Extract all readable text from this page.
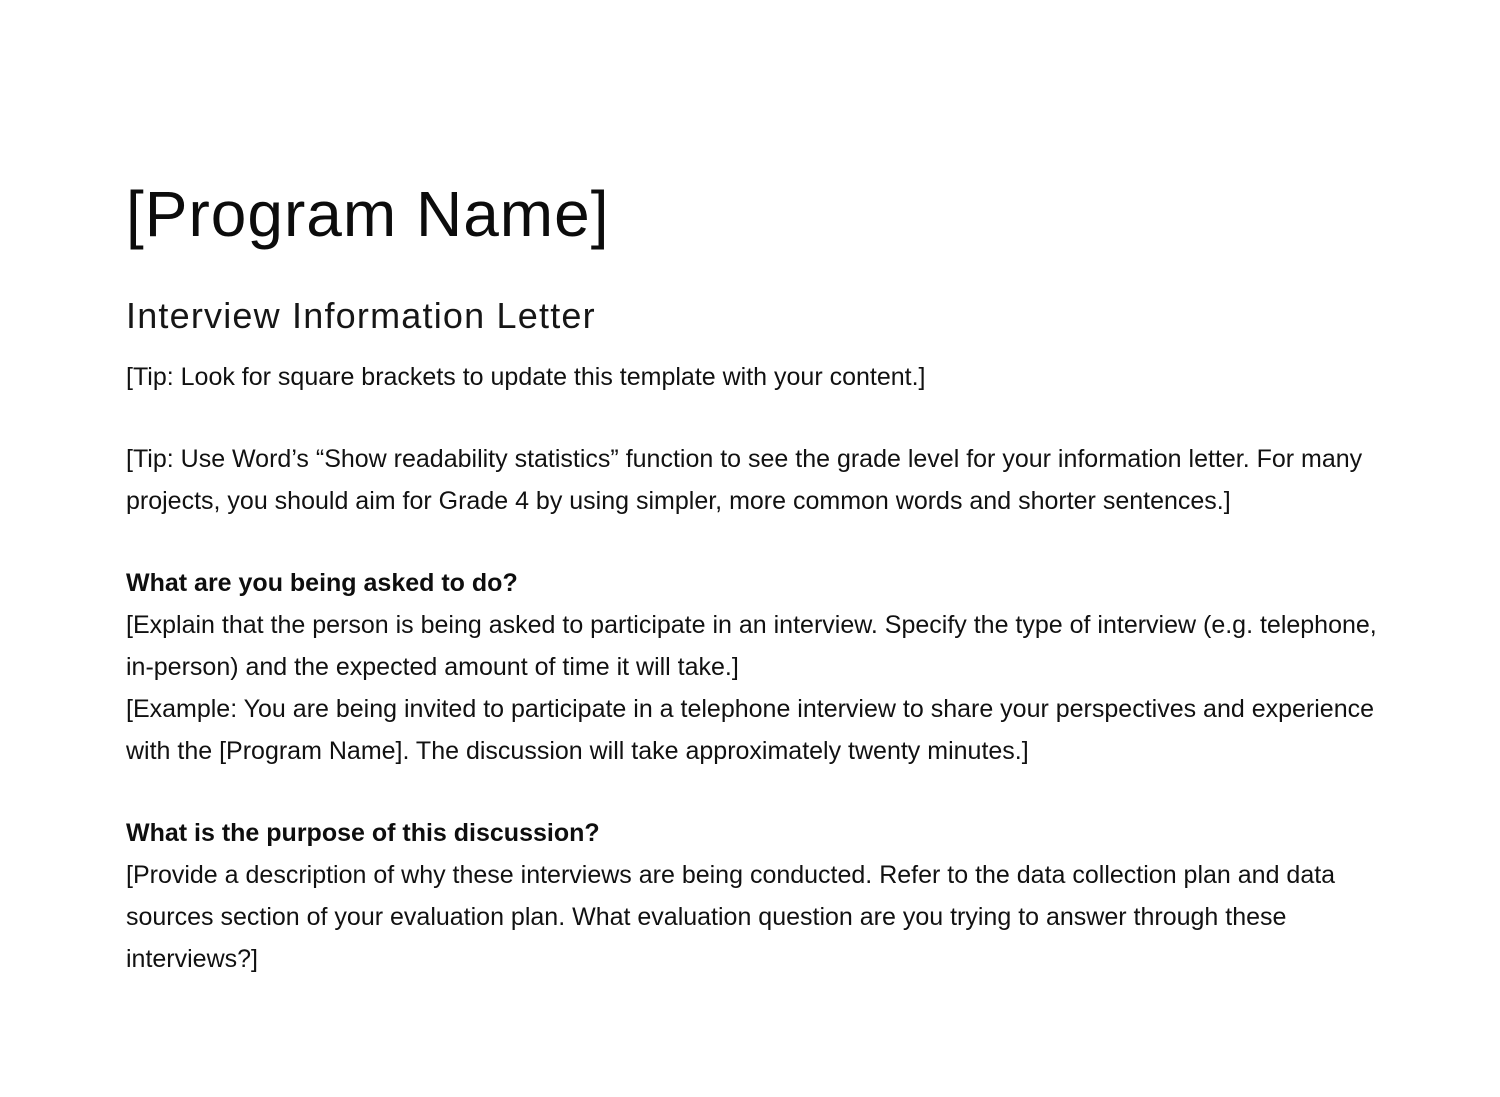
[Program Name]
Interview Information Letter

[Tip: Look for square brackets to update this template with your content.]

[Tip: Use Word’s “Show readability statistics” function to see the grade level for your information letter. For many projects, you should aim for Grade 4 by using simpler, more common words and shorter sentences.]

What are you being asked to do?

[Explain that the person is being asked to participate in an interview. Specify the type of interview (e.g. telephone, in-person) and the expected amount of time it will take.]

[Example: You are being invited to participate in a telephone interview to share your perspectives and experience with the [Program Name]. The discussion will take approximately twenty minutes.]

What is the purpose of this discussion?

[Provide a description of why these interviews are being conducted. Refer to the data collection plan and data sources section of your evaluation plan. What evaluation question are you trying to answer through these interviews?]
